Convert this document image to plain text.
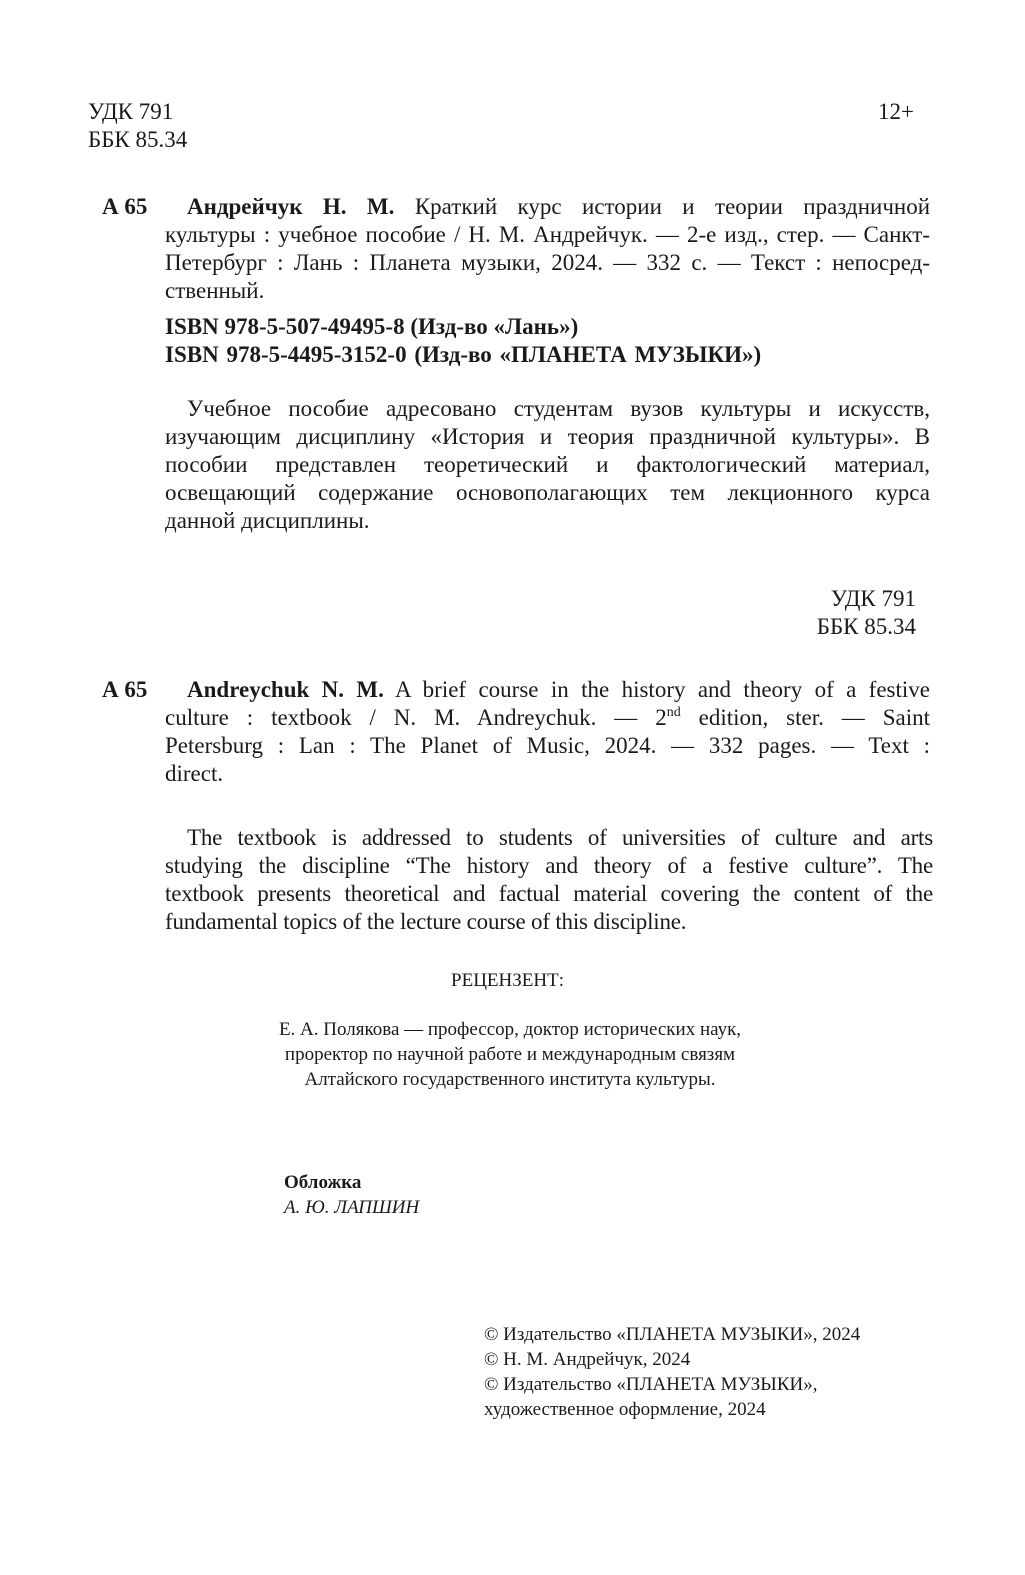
УДК 791
ББК 85.34
12+
А 65	Андрейчук Н. М. Краткий курс истории и теории праздничной
культуры : учебное пособие / Н. М. Андрейчук. — 2-е изд., стер. — Санкт-
Петербург : Лань : Планета музыки, 2024. — 332 с. — Текст : непосред-
ственный.
ISBN 978-5-507-49495-8 (Изд-во «Лань»)
ISBN 978-5-4495-3152-0 (Изд-во «ПЛАНЕТА МУЗЫКИ»)
Учебное пособие адресовано студентам вузов культуры и искусств,
изучающим дисциплину «История и теория праздничной культуры». В
пособии представлен теоретический и фактологический материал,
освещающий содержание основополагающих тем лекционного курса
данной дисциплины.
УДК 791
ББК 85.34
А 65	Andreychuk N. M. A brief course in the history and theory of a festive
culture : textbook / N. M. Andreychuk. — 2nd edition, ster. — Saint
Petersburg : Lan : The Planet of Music, 2024. — 332 pages. — Text :
direct.
The textbook is addressed to students of universities of culture and arts
studying the discipline “The history and theory of a festive culture”. The
textbook presents theoretical and factual material covering the content of the
fundamental topics of the lecture course of this discipline.
РЕЦЕНЗЕНТ:
Е. А. Полякова — профессор, доктор исторических наук,
проректор по научной работе и международным связям
Алтайского государственного института культуры.
Обложка
А. Ю. ЛАПШИН
© Издательство «ПЛАНЕТА МУЗЫКИ», 2024
© Н. М. Андрейчук, 2024
© Издательство «ПЛАНЕТА МУЗЫКИ»,
художественное оформление, 2024
